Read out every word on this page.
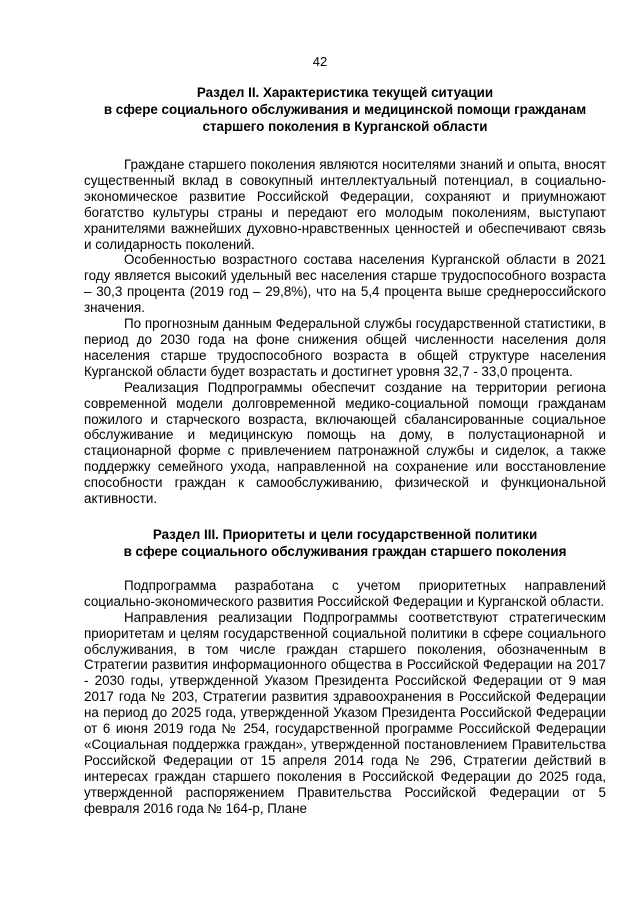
42
Раздел II. Характеристика текущей ситуации
в сфере социального обслуживания и медицинской помощи гражданам
старшего поколения в Курганской области

Граждане старшего поколения являются носителями знаний и опыта, вносят существенный вклад в совокупный интеллектуальный потенциал, в социально-экономическое развитие Российской Федерации, сохраняют и приумножают богатство культуры страны и передают его молодым поколениям, выступают хранителями важнейших духовно-нравственных ценностей и обеспечивают связь и солидарность поколений.

Особенностью возрастного состава населения Курганской области в 2021 году является высокий удельный вес населения старше трудоспособного возраста – 30,3 процента (2019 год – 29,8%), что на 5,4 процента выше среднероссийского значения.

По прогнозным данным Федеральной службы государственной статистики, в период до 2030 года на фоне снижения общей численности населения доля населения старше трудоспособного возраста в общей структуре населения Курганской области будет возрастать и достигнет уровня 32,7 - 33,0 процента.

Реализация Подпрограммы обеспечит создание на территории региона современной модели долговременной медико-социальной помощи гражданам пожилого и старческого возраста, включающей сбалансированные социальное обслуживание и медицинскую помощь на дому, в полустационарной и стационарной форме с привлечением патронажной службы и сиделок, а также поддержку семейного ухода, направленной на сохранение или восстановление способности граждан к самообслуживанию, физической и функциональной активности.

Раздел III. Приоритеты и цели государственной политики
в сфере социального обслуживания граждан старшего поколения

Подпрограмма разработана с учетом приоритетных направлений социально-экономического развития Российской Федерации и Курганской области.

Направления реализации Подпрограммы соответствуют стратегическим приоритетам и целям государственной социальной политики в сфере социального обслуживания, в том числе граждан старшего поколения, обозначенным в Стратегии развития информационного общества в Российской Федерации на 2017 - 2030 годы, утвержденной Указом Президента Российской Федерации от 9 мая 2017 года № 203, Стратегии развития здравоохранения в Российской Федерации на период до 2025 года, утвержденной Указом Президента Российской Федерации от 6 июня 2019 года № 254, государственной программе Российской Федерации «Социальная поддержка граждан», утвержденной постановлением Правительства Российской Федерации от 15 апреля 2014 года № 296, Стратегии действий в интересах граждан старшего поколения в Российской Федерации до 2025 года, утвержденной распоряжением Правительства Российской Федерации от 5 февраля 2016 года № 164-р, Плане
